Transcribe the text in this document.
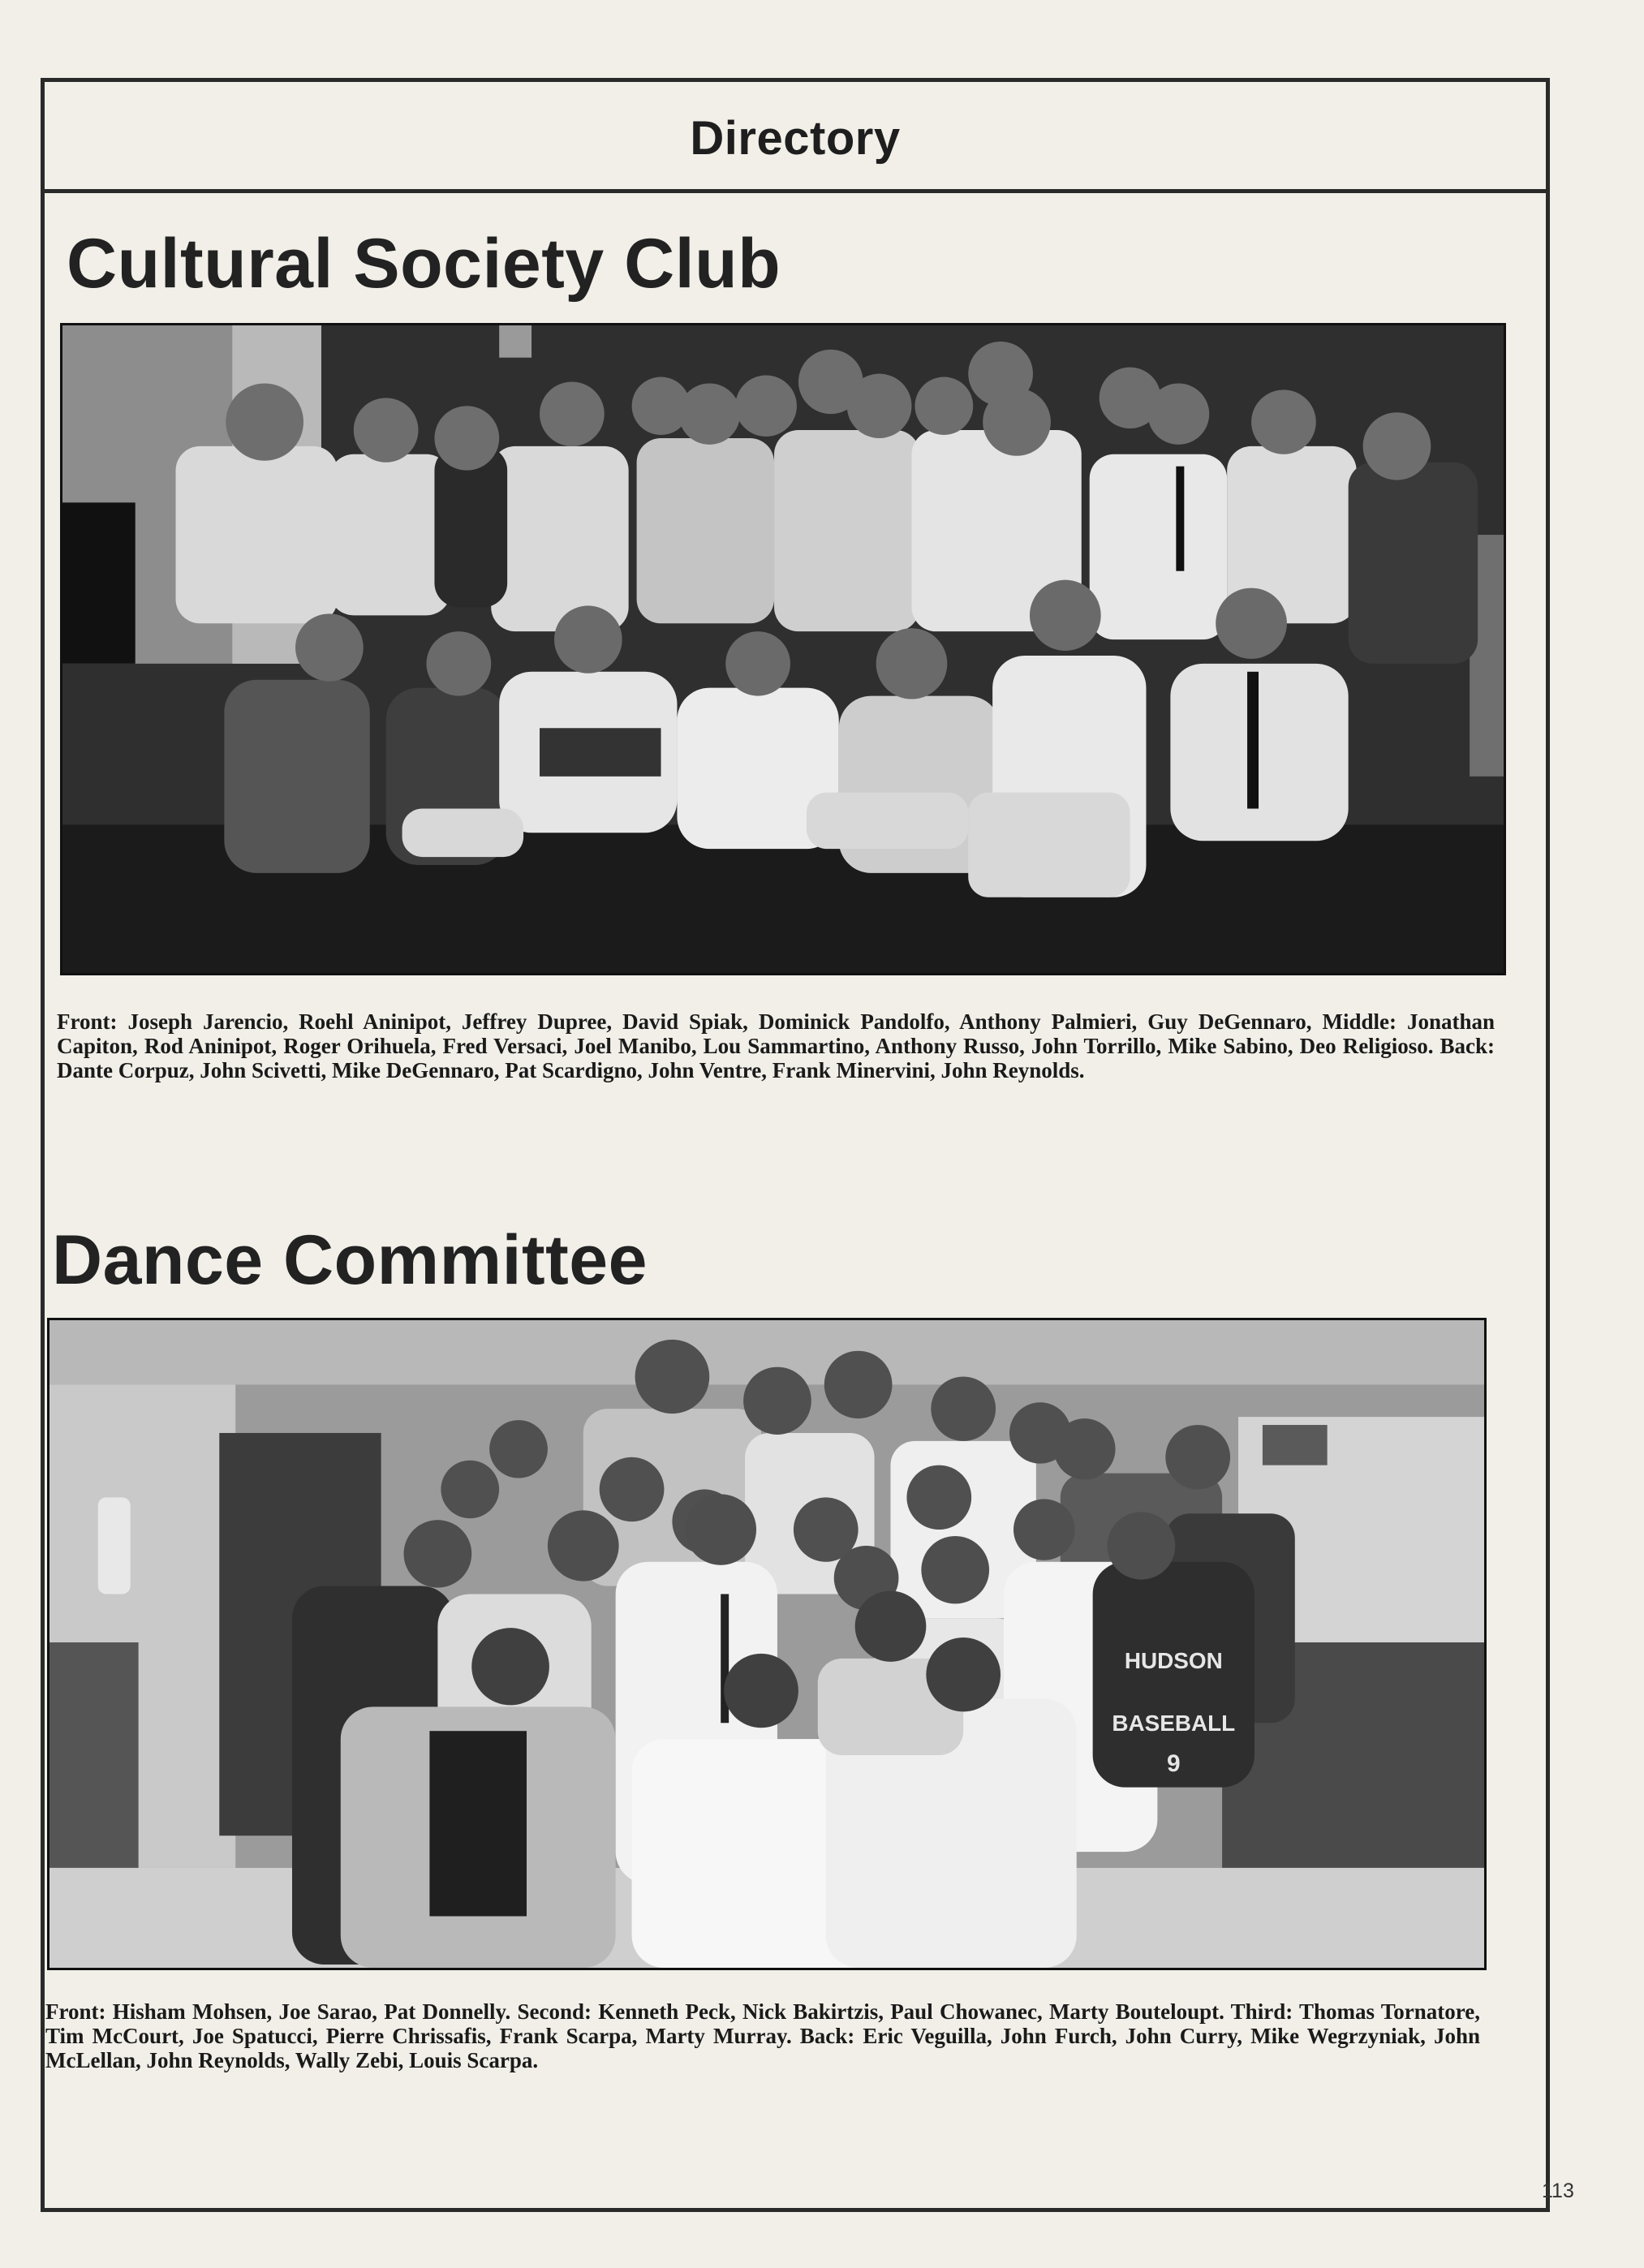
Directory
Cultural Society Club

Front: Joseph Jarencio, Roehl Aninipot, Jeffrey Dupree, David Spiak, Dominick Pandolfo, Anthony Palmieri, Guy DeGennaro, Middle: Jonathan Capiton, Rod Aninipot, Roger Orihuela, Fred Versaci, Joel Manibo, Lou Sammartino, Anthony Russo, John Torrillo, Mike Sabino, Deo Religioso. Back: Dante Corpuz, John Scivetti, Mike DeGennaro, Pat Scardigno, John Ventre, Frank Minervini, John Reynolds.

Dance Committee
HUDSON
BASEBALL
9

Front: Hisham Mohsen, Joe Sarao, Pat Donnelly. Second: Kenneth Peck, Nick Bakirtzis, Paul Chowanec, Marty Bouteloupt. Third: Thomas Tornatore, Tim McCourt, Joe Spatucci, Pierre Chrissafis, Frank Scarpa, Marty Murray. Back: Eric Veguilla, John Furch, John Curry, Mike Wegrzyniak, John McLellan, John Reynolds, Wally Zebi, Louis Scarpa.

113
